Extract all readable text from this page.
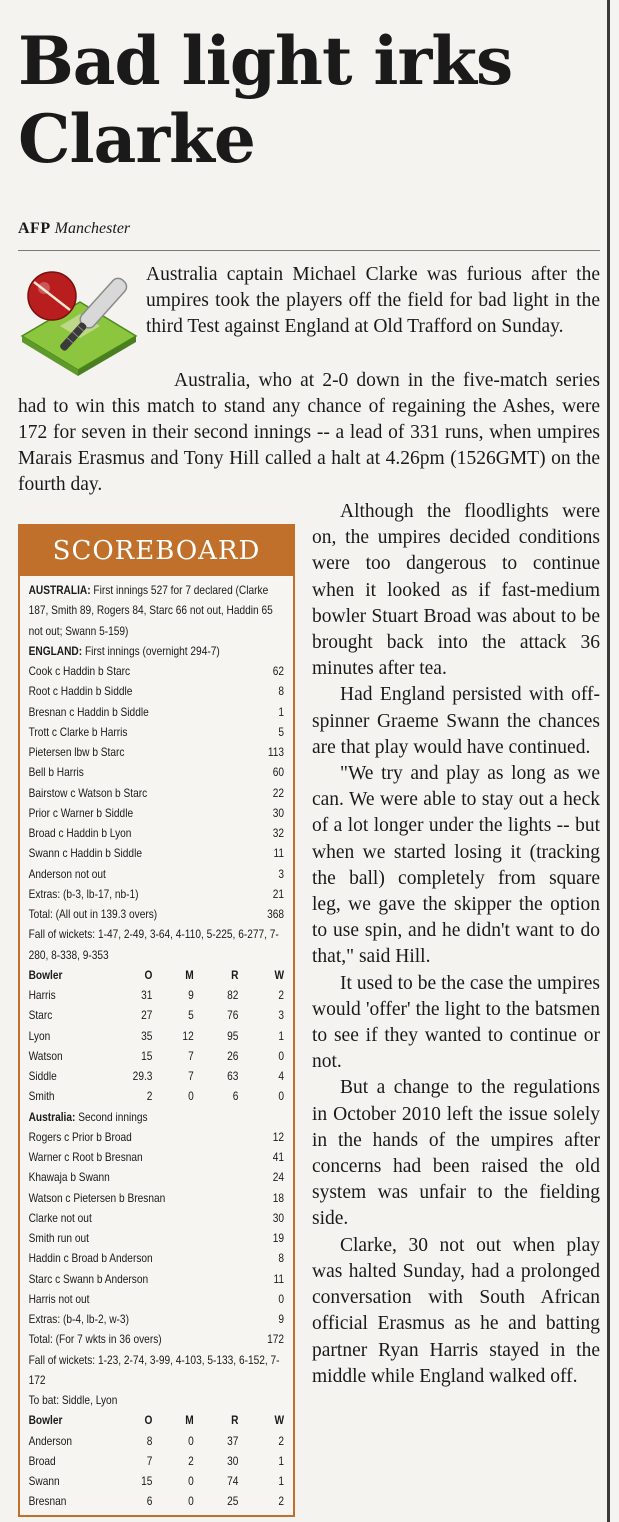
Bad light irks Clarke
AFP Manchester

Australia captain Michael Clarke was furious after the umpires took the players off the field for bad light in the third Test against England at Old Trafford on Sunday.

Australia, who at 2-0 down in the five-match series had to win this match to stand any chance of regaining the Ashes, were 172 for seven in their second innings -- a lead of 331 runs, when umpires Marais Erasmus and Tony Hill called a halt at 4.26pm (1526GMT) on the fourth day.

Although the floodlights were on, the umpires decided conditions were too dangerous to continue when it looked as if fast-medium bowler Stuart Broad was about to be brought back into the attack 36 minutes after tea.

Had England persisted with off-spinner Graeme Swann the chances are that play would have continued.

"We try and play as long as we can. We were able to stay out a heck of a lot longer under the lights -- but when we started losing it (tracking the ball) completely from square leg, we gave the skipper the option to use spin, and he didn't want to do that," said Hill.

It used to be the case the umpires would 'offer' the light to the batsmen to see if they wanted to continue or not.

But a change to the regulations in October 2010 left the issue solely in the hands of the umpires after concerns had been raised the old system was unfair to the fielding side.

Clarke, 30 not out when play was halted Sunday, had a prolonged conversation with South African official Erasmus as he and batting partner Ryan Harris stayed in the middle while England walked off.

SCOREBOARD
AUSTRALIA: First innings 527 for 7 declared (Clarke 187, Smith 89, Rogers 84, Starc 66 not out, Haddin 65 not out; Swann 5-159)
ENGLAND: First innings (overnight 294-7)
Cook c Haddin b Starc	62
Root c Haddin b Siddle	8
Bresnan c Haddin b Siddle	1
Trott c Clarke b Harris	5
Pietersen lbw b Starc	113
Bell b Harris	60
Bairstow c Watson b Starc	22
Prior c Warner b Siddle	30
Broad c Haddin b Lyon	32
Swann c Haddin b Siddle	11
Anderson not out	3
Extras: (b-3, lb-17, nb-1)	21
Total: (All out in 139.3 overs)	368
Fall of wickets: 1-47, 2-49, 3-64, 4-110, 5-225, 6-277, 7-280, 8-338, 9-353
Bowler	O	M	R	W
Harris	31	9	82	2
Starc	27	5	76	3
Lyon	35	12	95	1
Watson	15	7	26	0
Siddle	29.3	7	63	4
Smith	2	0	6	0
Australia: Second innings
Rogers c Prior b Broad	12
Warner c Root b Bresnan	41
Khawaja b Swann	24
Watson c Pietersen b Bresnan	18
Clarke not out	30
Smith run out	19
Haddin c Broad b Anderson	8
Starc c Swann b Anderson	11
Harris not out	0
Extras: (b-4, lb-2, w-3)	9
Total: (For 7 wkts in 36 overs)	172
Fall of wickets: 1-23, 2-74, 3-99, 4-103, 5-133, 6-152, 7-172
To bat: Siddle, Lyon
Bowler	O	M	R	W
Anderson	8	0	37	2
Broad	7	2	30	1
Swann	15	0	74	1
Bresnan	6	0	25	2
